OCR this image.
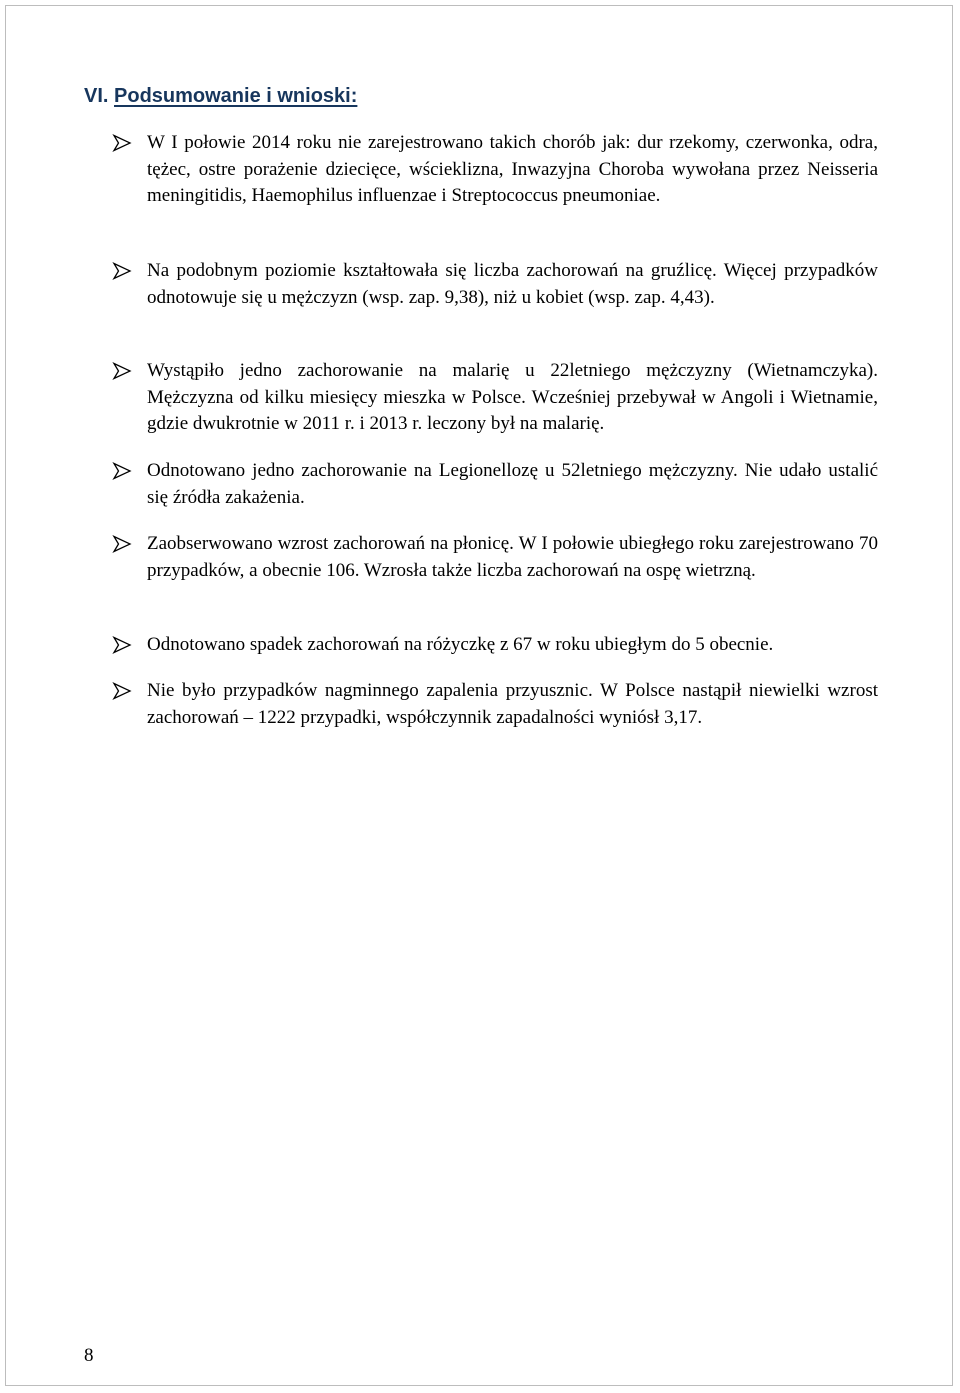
VI. Podsumowanie i wnioski:
W I połowie 2014 roku nie zarejestrowano takich chorób jak: dur rzekomy, czerwonka, odra, tężec, ostre porażenie dziecięce, wścieklizna, Inwazyjna Choroba wywołana przez Neisseria meningitidis, Haemophilus influenzae i Streptococcus pneumoniae.
Na podobnym poziomie kształtowała się liczba zachorowań na gruźlicę. Więcej przypadków odnotowuje się u mężczyzn (wsp. zap. 9,38), niż u kobiet (wsp. zap. 4,43).
Wystąpiło jedno zachorowanie na malarię u 22letniego mężczyzny (Wietnamczyka). Mężczyzna od kilku miesięcy mieszka w Polsce. Wcześniej przebywał w Angoli i Wietnamie, gdzie dwukrotnie w 2011 r. i 2013 r. leczony był na malarię.
Odnotowano jedno zachorowanie na Legionellozę u 52letniego mężczyzny. Nie udało ustalić się źródła zakażenia.
Zaobserwowano wzrost zachorowań na płonicę. W I połowie ubiegłego roku zarejestrowano 70 przypadków, a obecnie 106. Wzrosła także liczba zachorowań na ospę wietrzną.
Odnotowano spadek zachorowań na różyczkę z 67 w roku ubiegłym do 5 obecnie.
Nie było przypadków nagminnego zapalenia przyusznic. W Polsce nastąpił niewielki wzrost zachorowań – 1222 przypadki, współczynnik zapadalności wyniósł 3,17.
8
